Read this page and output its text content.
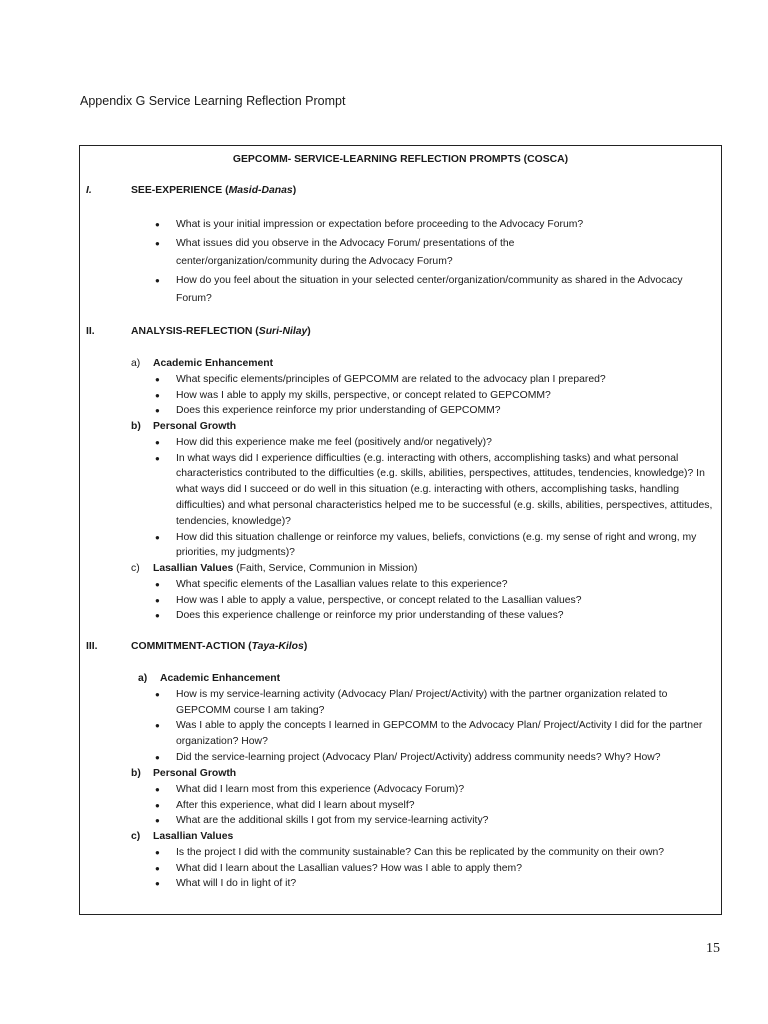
Appendix G Service Learning Reflection Prompt
GEPCOMM- SERVICE-LEARNING REFLECTION PROMPTS (COSCA)
I.	SEE-EXPERIENCE (Masid-Danas)
● What is your initial impression or expectation before proceeding to the Advocacy Forum?
● What issues did you observe in the Advocacy Forum/ presentations of the center/organization/community during the Advocacy Forum?
● How do you feel about the situation in your selected center/organization/community as shared in the Advocacy Forum?
II.	ANALYSIS-REFLECTION (Suri-Nilay)
a) Academic Enhancement
● What specific elements/principles of GEPCOMM are related to the advocacy plan I prepared?
● How was I able to apply my skills, perspective, or concept related to GEPCOMM?
● Does this experience reinforce my prior understanding of GEPCOMM?
b) Personal Growth
● How did this experience make me feel (positively and/or negatively)?
● In what ways did I experience difficulties (e.g. interacting with others, accomplishing tasks) and what personal characteristics contributed to the difficulties (e.g. skills, abilities, perspectives, attitudes, tendencies, knowledge)? In what ways did I succeed or do well in this situation (e.g. interacting with others, accomplishing tasks, handling difficulties) and what personal characteristics helped me to be successful (e.g. skills, abilities, perspectives, attitudes, tendencies, knowledge)?
● How did this situation challenge or reinforce my values, beliefs, convictions (e.g. my sense of right and wrong, my priorities, my judgments)?
c) Lasallian Values (Faith, Service, Communion in Mission)
● What specific elements of the Lasallian values relate to this experience?
● How was I able to apply a value, perspective, or concept related to the Lasallian values?
● Does this experience challenge or reinforce my prior understanding of these values?
III.	COMMITMENT-ACTION (Taya-Kilos)
a) Academic Enhancement
● How is my service-learning activity (Advocacy Plan/ Project/Activity) with the partner organization related to GEPCOMM course I am taking?
● Was I able to apply the concepts I learned in GEPCOMM to the Advocacy Plan/ Project/Activity I did for the partner organization? How?
● Did the service-learning project (Advocacy Plan/ Project/Activity) address community needs? Why? How?
b) Personal Growth
● What did I learn most from this experience (Advocacy Forum)?
● After this experience, what did I learn about myself?
● What are the additional skills I got from my service-learning activity?
c) Lasallian Values
● Is the project I did with the community sustainable? Can this be replicated by the community on their own?
● What did I learn about the Lasallian values? How was I able to apply them?
● What will I do in light of it?
15
